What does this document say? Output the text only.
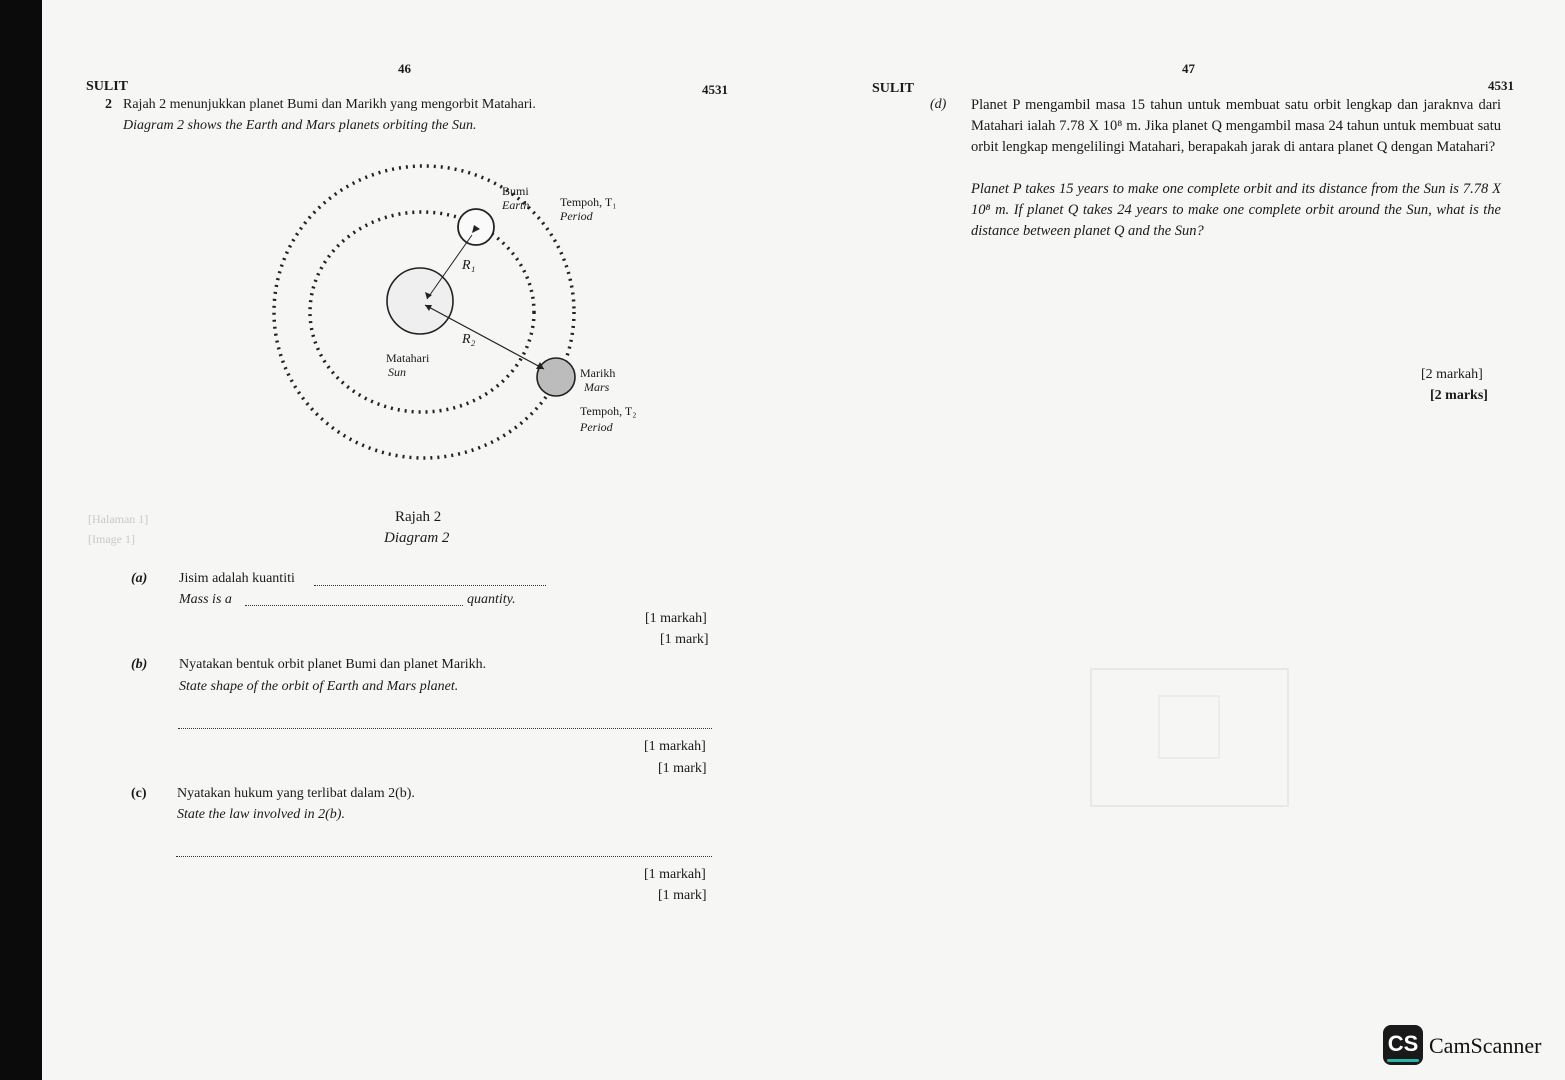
46
SULIT	4531
2 Rajah 2 menunjukkan planet Bumi dan Marikh yang mengorbit Matahari.
Diagram 2 shows the Earth and Mars planets orbiting the Sun.
R₁
R₂
Bumi
Earth	Tempoh, T₁
Period
Matahari
Sun	Marikh
Mars
Tempoh, T₂
Period
[Halaman 1]
[Image 1]
Rajah 2
Diagram 2
(a) Jisim adalah kuantiti
Mass is a	quantity.
[1 markah]
[1 mark]
(b) Nyatakan bentuk orbit planet Bumi dan planet Marikh.
State shape of the orbit of Earth and Mars planet.
[1 markah]
[1 mark]
(c) Nyatakan hukum yang terlibat dalam 2(b).
State the law involved in 2(b).
[1 markah]
[1 mark]
47
SULIT	4531
(d) Planet P mengambil masa 15 tahun untuk membuat satu orbit lengkap dan jaraknva dari Matahari ialah 7.78 X 10⁸ m. Jika planet Q mengambil masa 24 tahun untuk membuat satu orbit lengkap mengelilingi Matahari, berapakah jarak di antara planet Q dengan Matahari?
Planet P takes 15 years to make one complete orbit and its distance from the Sun is 7.78 X 10⁸ m. If planet Q takes 24 years to make one complete orbit around the Sun, what is the distance between planet Q and the Sun?
[2 markah]
[2 marks]
CS CamScanner
